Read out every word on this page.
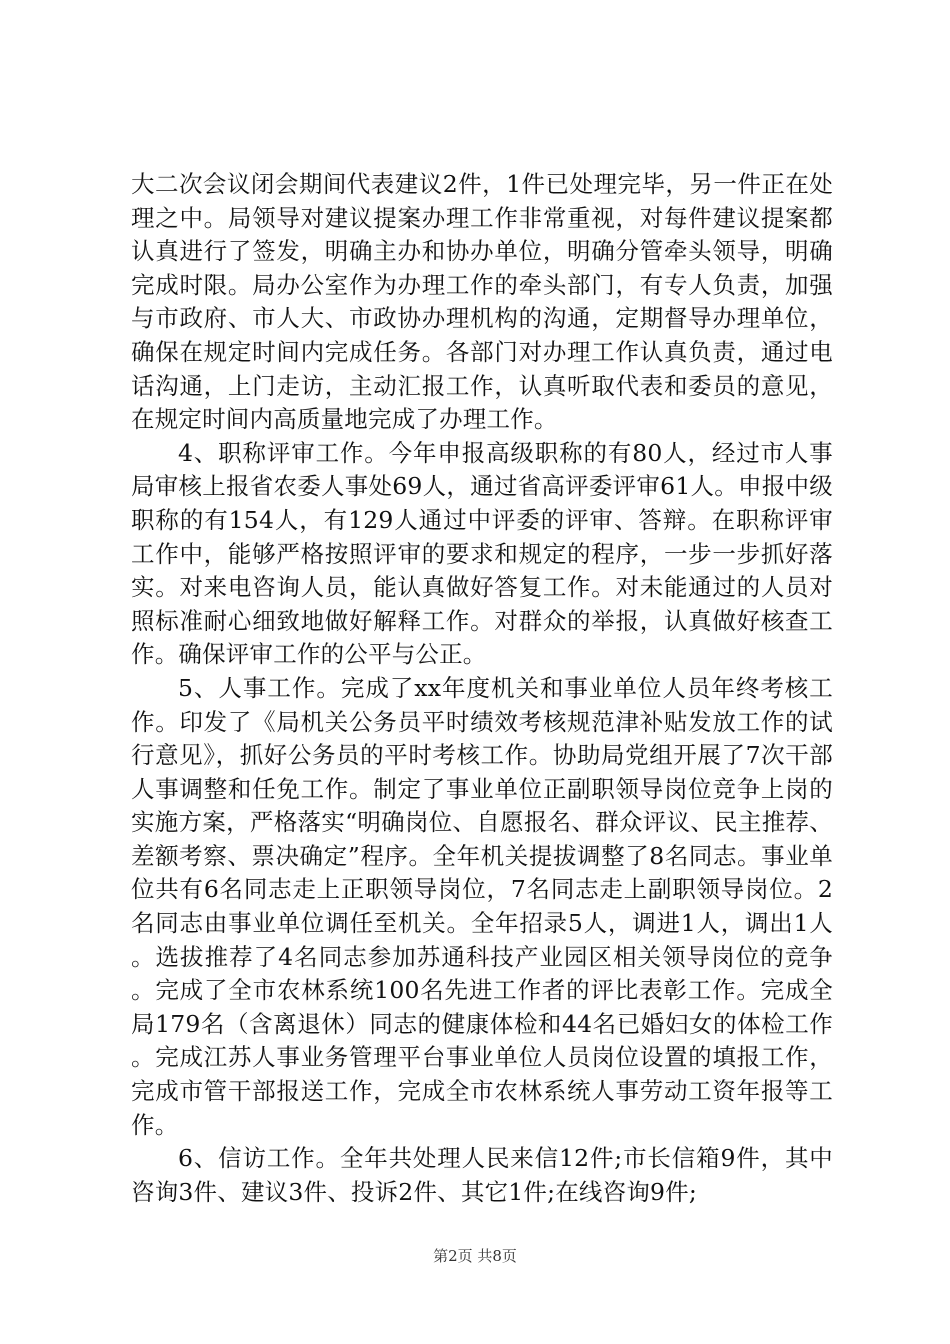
大二次会议闭会期间代表建议2件，1件已处理完毕，另一件正在处理之中。局领导对建议提案办理工作非常重视，对每件建议提案都认真进行了签发，明确主办和协办单位，明确分管牵头领导，明确完成时限。局办公室作为办理工作的牵头部门，有专人负责，加强与市政府、市人大、市政协办理机构的沟通，定期督导办理单位，确保在规定时间内完成任务。各部门对办理工作认真负责，通过电话沟通，上门走访，主动汇报工作，认真听取代表和委员的意见，在规定时间内高质量地完成了办理工作。

4、职称评审工作。今年申报高级职称的有80人，经过市人事局审核上报省农委人事处69人，通过省高评委评审61人。申报中级职称的有154人，有129人通过中评委的评审、答辩。在职称评审工作中，能够严格按照评审的要求和规定的程序，一步一步抓好落实。对来电咨询人员，能认真做好答复工作。对未能通过的人员对照标准耐心细致地做好解释工作。对群众的举报，认真做好核查工作。确保评审工作的公平与公正。

5、人事工作。完成了xx年度机关和事业单位人员年终考核工作。印发了《局机关公务员平时绩效考核规范津补贴发放工作的试行意见》，抓好公务员的平时考核工作。协助局党组开展了7次干部人事调整和任免工作。制定了事业单位正副职领导岗位竞争上岗的实施方案，严格落实“明确岗位、自愿报名、群众评议、民主推荐、差额考察、票决确定”程序。全年机关提拔调整了8名同志。事业单位共有6名同志走上正职领导岗位，7名同志走上副职领导岗位。2名同志由事业单位调任至机关。全年招录5人，调进1人，调出1人。选拔推荐了4名同志参加苏通科技产业园区相关领导岗位的竞争。完成了全市农林系统100名先进工作者的评比表彰工作。完成全局179名（含离退休）同志的健康体检和44名已婚妇女的体检工作。完成江苏人事业务管理平台事业单位人员岗位设置的填报工作，完成市管干部报送工作，完成全市农林系统人事劳动工资年报等工作。

6、信访工作。全年共处理人民来信12件;市长信箱9件，其中咨询3件、建议3件、投诉2件、其它1件;在线咨询9件;

第2页 共8页
